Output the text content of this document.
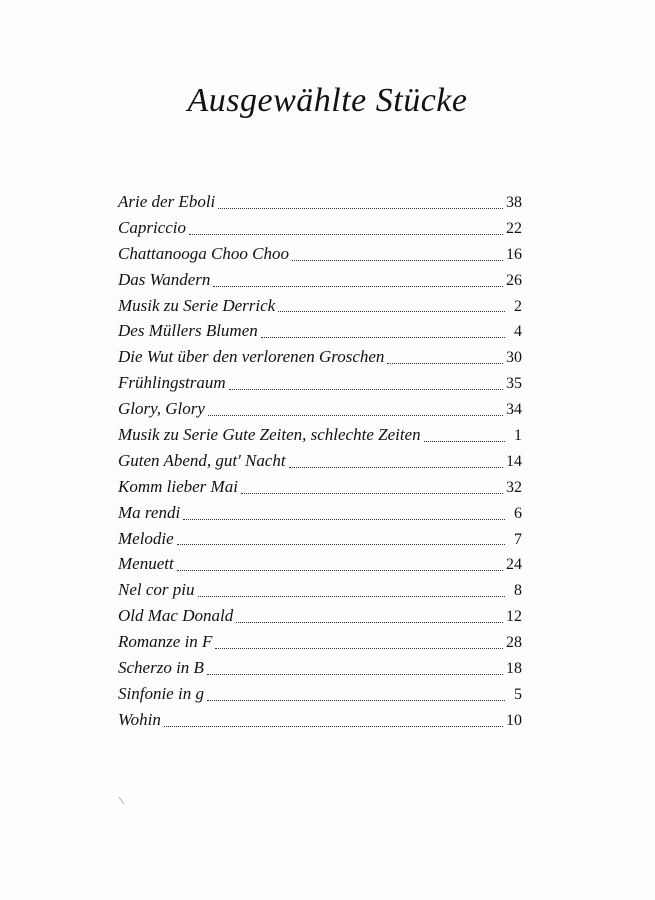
Ausgewählte Stücke
Arie der Eboli	38
Capriccio	22
Chattanooga Choo Choo	16
Das Wandern	26
Musik zu Serie Derrick	2
Des Müllers Blumen	4
Die Wut über den verlorenen Groschen	30
Frühlingstraum	35
Glory, Glory	34
Musik zu Serie Gute Zeiten, schlechte Zeiten	1
Guten Abend, gut' Nacht	14
Komm lieber Mai	32
Ma rendi	6
Melodie	7
Menuett	24
Nel cor piu	8
Old Mac Donald	12
Romanze in F	28
Scherzo in B	18
Sinfonie in g	5
Wohin	10
